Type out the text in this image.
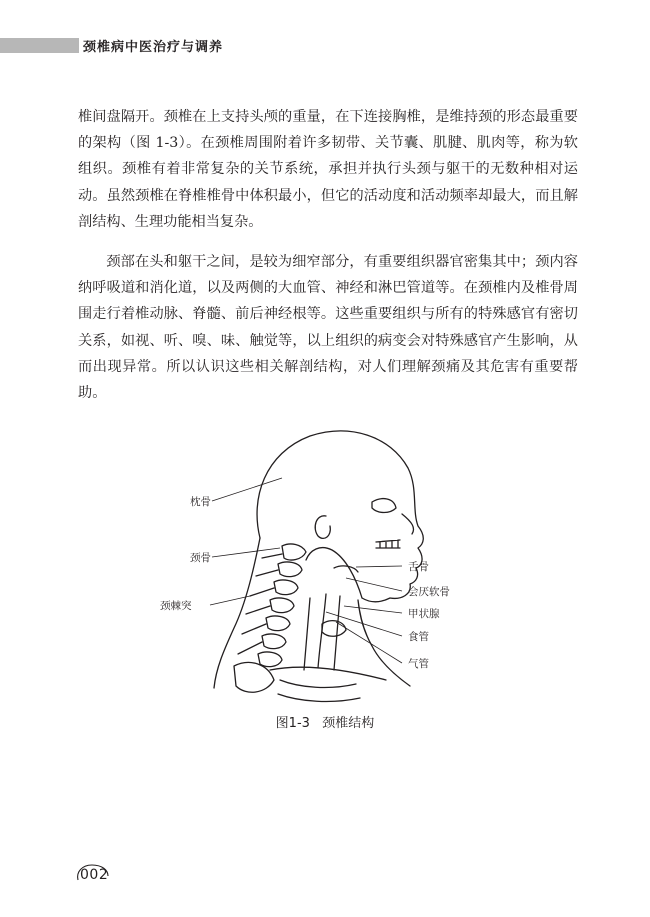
颈椎病中医治疗与调养

椎间盘隔开。颈椎在上支持头颅的重量，在下连接胸椎，是维持颈的形态最重要的架构（图 1-3）。在颈椎周围附着许多韧带、关节囊、肌腱、肌肉等，称为软组织。颈椎有着非常复杂的关节系统，承担并执行头颈与躯干的无数种相对运动。虽然颈椎在脊椎椎骨中体积最小，但它的活动度和活动频率却最大，而且解剖结构、生理功能相当复杂。

颈部在头和躯干之间，是较为细窄部分，有重要组织器官密集其中；颈内容纳呼吸道和消化道，以及两侧的大血管、神经和淋巴管道等。在颈椎内及椎骨周围走行着椎动脉、脊髓、前后神经根等。这些重要组织与所有的特殊感官有密切关系，如视、听、嗅、味、触觉等，以上组织的病变会对特殊感官产生影响，从而出现异常。所以认识这些相关解剖结构，对人们理解颈痛及其危害有重要帮助。

枕骨
颈骨
颈棘突
舌骨
会厌软骨
甲状腺
食管
气管
图1-3   颈椎结构
002
